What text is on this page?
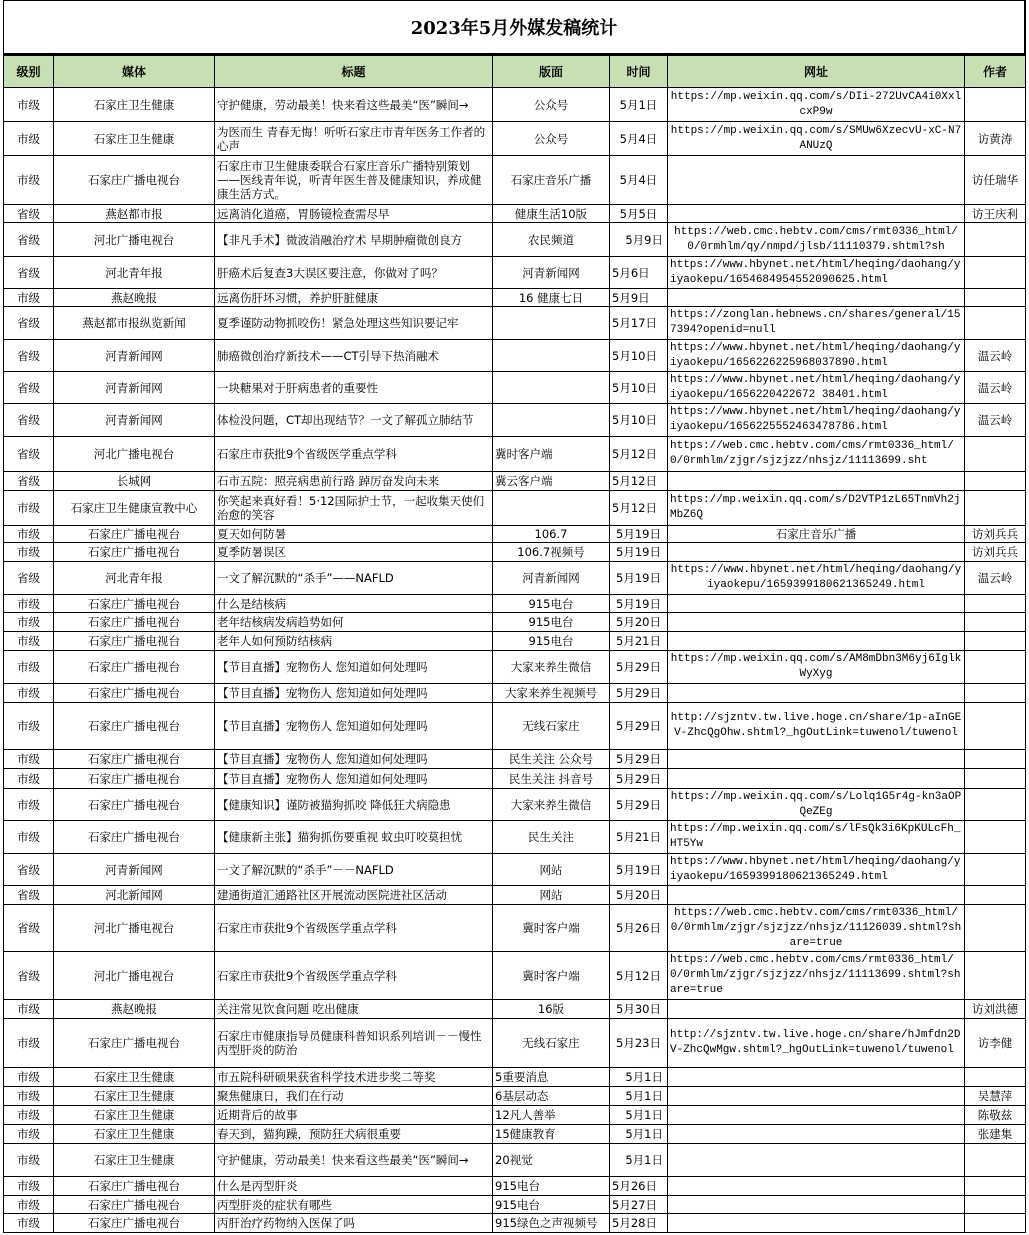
2023年5月外媒发稿统计
级别	媒体	标题	版面	时间	网址	作者
市级	石家庄卫生健康	守护健康，劳动最美！快来看这些最美“医”瞬间→	公众号	5月1日	https://mp.weixin.qq.com/s/DIi-272UvCA4i0XxlcxP9w	
市级	石家庄卫生健康	为医而生 青春无悔！听听石家庄市青年医务工作者的心声	公众号	5月4日	https://mp.weixin.qq.com/s/SMUw6XzecvU-xC-N7ANUzQ	访黄涛
市级	石家庄广播电视台	石家庄市卫生健康委联合石家庄音乐广播特别策划——医线青年说，听青年医生普及健康知识，养成健康生活方式。	石家庄音乐广播	5月4日		访任瑞华
省级	燕赵都市报	远离消化道癌，胃肠镜检查需尽早	健康生活10版	5月5日		访王庆利
省级	河北广播电视台	【非凡手术】微波消融治疗术 早期肿瘤微创良方	农民频道	5月9日	https://web.cmc.hebtv.com/cms/rmt0336_html/0/0rmhlm/qy/nmpd/jlsb/11110379.shtml?sh	
省级	河北青年报	肝癌术后复查3大误区要注意，你做对了吗？	河青新闻网	5月6日	https://www.hbynet.net/html/heqing/daohang/yiyaokepu/1654684954552090625.html	
市级	燕赵晚报	远离伤肝坏习惯，养护肝脏健康	16 健康七日	5月9日		
省级	燕赵都市报纵览新闻	夏季谨防动物抓咬伤！紧急处理这些知识要记牢		5月17日	https://zonglan.hebnews.cn/shares/general/157394?openid=null	
省级	河青新闻网	肺癌微创治疗新技术——CT引导下热消融术		5月10日	https://www.hbynet.net/html/heqing/daohang/yiyaokepu/1656226225968037890.html	温云岭
省级	河青新闻网	一块糖果对于肝病患者的重要性		5月10日	https://www.hbynet.net/html/heqing/daohang/yiyaokepu/1656220422672 38401.html	温云岭
省级	河青新闻网	体检没问题，CT却出现结节？一文了解孤立肺结节		5月10日	https://www.hbynet.net/html/heqing/daohang/yiyaokepu/1656225552463478786.html	温云岭
省级	河北广播电视台	石家庄市获批9个省级医学重点学科	冀时客户端	5月12日	https://web.cmc.hebtv.com/cms/rmt0336_html/0/0rmhlm/zjgr/sjzjzz/nhsjz/11113699.sht	
省级	长城网	石市五院：照亮病患前行路 踔厉奋发向未来	冀云客户端	5月12日		
市级	石家庄卫生健康宣教中心	你笑起来真好看！5·12国际护士节，一起收集天使们治愈的笑容		5月12日	https://mp.weixin.qq.com/s/D2VTP1zL65TnmVh2jMbZ6Q	
市级	石家庄广播电视台	夏天如何防暑	106.7	5月19日	石家庄音乐广播	访刘兵兵
市级	石家庄广播电视台	夏季防暑误区	106.7视频号	5月19日		访刘兵兵
省级	河北青年报	一文了解沉默的“杀手”——NAFLD	河青新闻网	5月19日	https://www.hbynet.net/html/heqing/daohang/yiyaokepu/1659399180621365249.html	温云岭
市级	石家庄广播电视台	什么是结核病	915电台	5月19日		
市级	石家庄广播电视台	老年结核病发病趋势如何	915电台	5月20日		
市级	石家庄广播电视台	老年人如何预防结核病	915电台	5月21日		
市级	石家庄广播电视台	【节目直播】宠物伤人 您知道如何处理吗	大家来养生微信	5月29日	https://mp.weixin.qq.com/s/AM8mDbn3M6yj6IglkWyXyg	
市级	石家庄广播电视台	【节目直播】宠物伤人 您知道如何处理吗	大家来养生视频号	5月29日		
市级	石家庄广播电视台	【节目直播】宠物伤人 您知道如何处理吗	无线石家庄	5月29日	http://sjzntv.tw.live.hoge.cn/share/1p-aInGEV-ZhcQgOhw.shtml?_hgOutLink=tuwenol/tuwenol	
市级	石家庄广播电视台	【节目直播】宠物伤人 您知道如何处理吗	民生关注 公众号	5月29日		
市级	石家庄广播电视台	【节目直播】宠物伤人 您知道如何处理吗	民生关注 抖音号	5月29日		
市级	石家庄广播电视台	【健康知识】谨防被猫狗抓咬 降低狂犬病隐患	大家来养生微信	5月29日	https://mp.weixin.qq.com/s/Lolq1G5r4g-kn3aOPQeZEg	
市级	石家庄广播电视台	【健康新主张】猫狗抓伤要重视 蚊虫叮咬莫担忧	民生关注	5月21日	https://mp.weixin.qq.com/s/lFsQk3i6KpKULcFh_HT5Yw	
省级	河青新闻网	一文了解沉默的“杀手”－－NAFLD	网站	5月19日	https://www.hbynet.net/html/heqing/daohang/yiyaokepu/1659399180621365249.html	
省级	河北新闻网	建通街道汇通路社区开展流动医院进社区活动	网站	5月20日		
省级	河北广播电视台	石家庄市获批9个省级医学重点学科	冀时客户端	5月26日	https://web.cmc.hebtv.com/cms/rmt0336_html/0/0rmhlm/zjgr/sjzjzz/nhsjz/11126039.shtml?share=true	
省级	河北广播电视台	石家庄市获批9个省级医学重点学科	冀时客户端	5月12日	https://web.cmc.hebtv.com/cms/rmt0336_html/0/0rmhlm/zjgr/sjzjzz/nhsjz/11113699.shtml?share=true	
市级	燕赵晚报	关注常见饮食问题 吃出健康	16版	5月30日		访刘洪德
市级	石家庄广播电视台	石家庄市健康指导员健康科普知识系列培训－－慢性丙型肝炎的防治	无线石家庄	5月23日	http://sjzntv.tw.live.hoge.cn/share/hJmfdn2DV-ZhcQwMgw.shtml?_hgOutLink=tuwenol/tuwenol	访李健
市级	石家庄卫生健康	市五院科研硕果获省科学技术进步奖二等奖	5重要消息	5月1日		
市级	石家庄卫生健康	聚焦健康日，我们在行动	6基层动态	5月1日		吴慧萍
市级	石家庄卫生健康	近期背后的故事	12凡人善举	5月1日		陈敬兹
市级	石家庄卫生健康	春天到，猫狗躁，预防狂犬病很重要	15健康教育	5月1日		张建集
市级	石家庄卫生健康	守护健康，劳动最美！快来看这些最美“医”瞬间→	20视觉	5月1日		
市级	石家庄广播电视台	什么是丙型肝炎	915电台	5月26日		
市级	石家庄广播电视台	丙型肝炎的症状有哪些	915电台	5月27日		
市级	石家庄广播电视台	丙肝治疗药物纳入医保了吗	915绿色之声视频号	5月28日		
